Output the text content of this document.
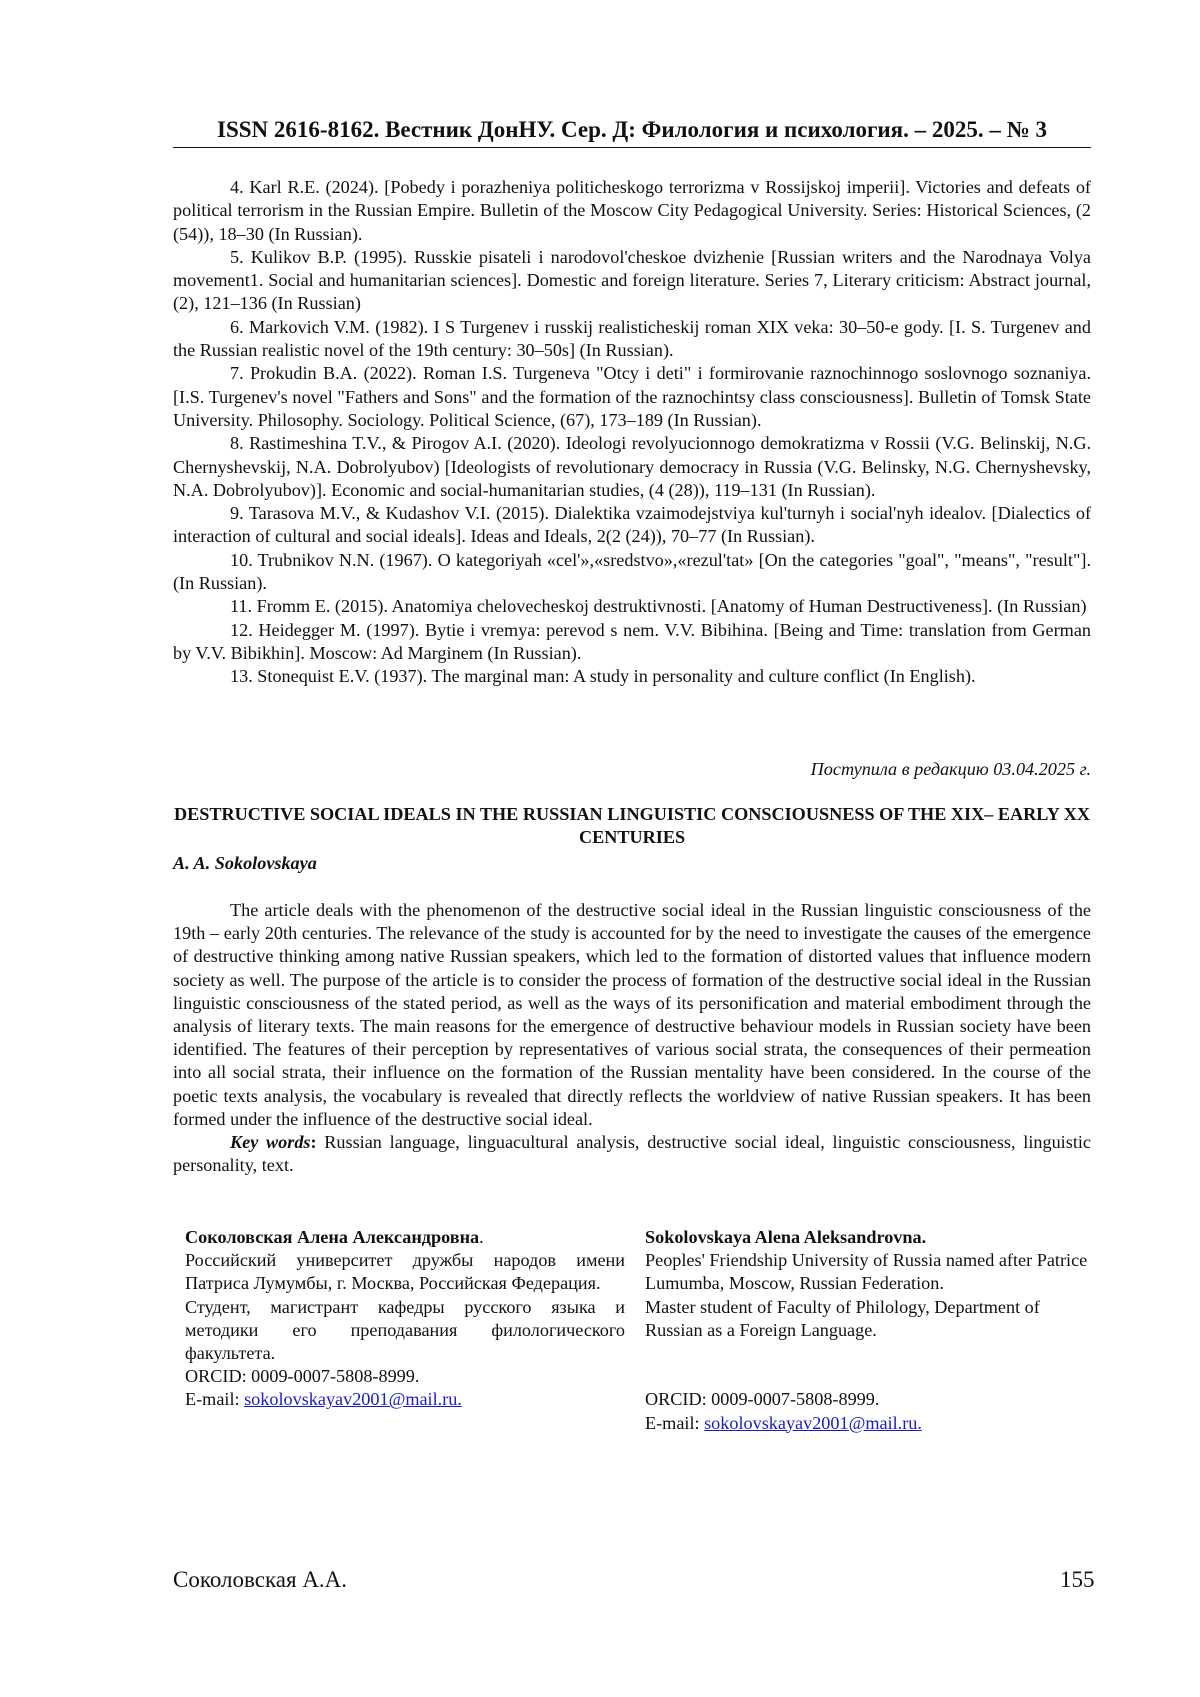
ISSN 2616-8162. Вестник ДонНУ. Сер. Д: Филология и психология. – 2025. – № 3

4. Karl R.E. (2024). [Pobedy i porazheniya politicheskogo terrorizma v Rossijskoj imperii]. Victories and defeats of political terrorism in the Russian Empire. Bulletin of the Moscow City Pedagogical University. Series: Historical Sciences, (2 (54)), 18–30 (In Russian).

5. Kulikov B.P. (1995). Russkie pisateli i narodovol'cheskoe dvizhenie [Russian writers and the Narodnaya Volya movement1. Social and humanitarian sciences]. Domestic and foreign literature. Series 7, Literary criticism: Abstract journal, (2), 121–136 (In Russian)

6. Markovich V.M. (1982). I S Turgenev i russkij realisticheskij roman XIX veka: 30–50-e gody. [I. S. Turgenev and the Russian realistic novel of the 19th century: 30–50s] (In Russian).

7. Prokudin B.A. (2022). Roman I.S. Turgeneva "Otcy i deti" i formirovanie raznochinnogo soslovnogo soznaniya. [I.S. Turgenev's novel "Fathers and Sons" and the formation of the raznochintsy class consciousness]. Bulletin of Tomsk State University. Philosophy. Sociology. Political Science, (67), 173–189 (In Russian).

8. Rastimeshina T.V., & Pirogov A.I. (2020). Ideologi revolyucionnogo demokratizma v Rossii (V.G. Belinskij, N.G. Chernyshevskij, N.A. Dobrolyubov) [Ideologists of revolutionary democracy in Russia (V.G. Belinsky, N.G. Chernyshevsky, N.A. Dobrolyubov)]. Economic and social-humanitarian studies, (4 (28)), 119–131 (In Russian).

9. Tarasova M.V., & Kudashov V.I. (2015). Dialektika vzaimodejstviya kul'turnyh i social'nyh idealov. [Dialectics of interaction of cultural and social ideals]. Ideas and Ideals, 2(2 (24)), 70–77 (In Russian).

10. Trubnikov N.N. (1967). O kategoriyah «cel'»,«sredstvo»,«rezul'tat» [On the categories "goal", "means", "result"]. (In Russian).

11. Fromm E. (2015). Anatomiya chelovecheskoj destruktivnosti. [Anatomy of Human Destructiveness]. (In Russian)

12. Heidegger M. (1997). Bytie i vremya: perevod s nem. V.V. Bibihina. [Being and Time: translation from German by V.V. Bibikhin]. Moscow: Ad Marginem (In Russian).

13. Stonequist E.V. (1937). The marginal man: A study in personality and culture conflict (In English).

Поступила в редакцию 03.04.2025 г.
DESTRUCTIVE SOCIAL IDEALS IN THE RUSSIAN LINGUISTIC CONSCIOUSNESS OF THE XIX– EARLY XX CENTURIES
A. A. Sokolovskaya

The article deals with the phenomenon of the destructive social ideal in the Russian linguistic consciousness of the 19th – early 20th centuries. The relevance of the study is accounted for by the need to investigate the causes of the emergence of destructive thinking among native Russian speakers, which led to the formation of distorted values that influence modern society as well. The purpose of the article is to consider the process of formation of the destructive social ideal in the Russian linguistic consciousness of the stated period, as well as the ways of its personification and material embodiment through the analysis of literary texts. The main reasons for the emergence of destructive behaviour models in Russian society have been identified. The features of their perception by representatives of various social strata, the consequences of their permeation into all social strata, their influence on the formation of the Russian mentality have been considered. In the course of the poetic texts analysis, the vocabulary is revealed that directly reflects the worldview of native Russian speakers. It has been formed under the influence of the destructive social ideal.

Key words: Russian language, linguacultural analysis, destructive social ideal, linguistic consciousness, linguistic personality, text.

Соколовская Алена Александровна.

Российский университет дружбы народов имени Патриса Лумумбы, г. Москва, Российская Федерация.

Студент, магистрант кафедры русского языка и методики его преподавания филологического факультета.

ORCID: 0009-0007-5808-8999.

E-mail: sokolovskayav2001@mail.ru.

Sokolovskaya Alena Aleksandrovna.

Peoples' Friendship University of Russia named after Patrice Lumumba, Moscow, Russian Federation.

Master student of Faculty of Philology, Department of Russian as a Foreign Language.

ORCID: 0009-0007-5808-8999.

E-mail: sokolovskayav2001@mail.ru.

Соколовская А.А.	155
